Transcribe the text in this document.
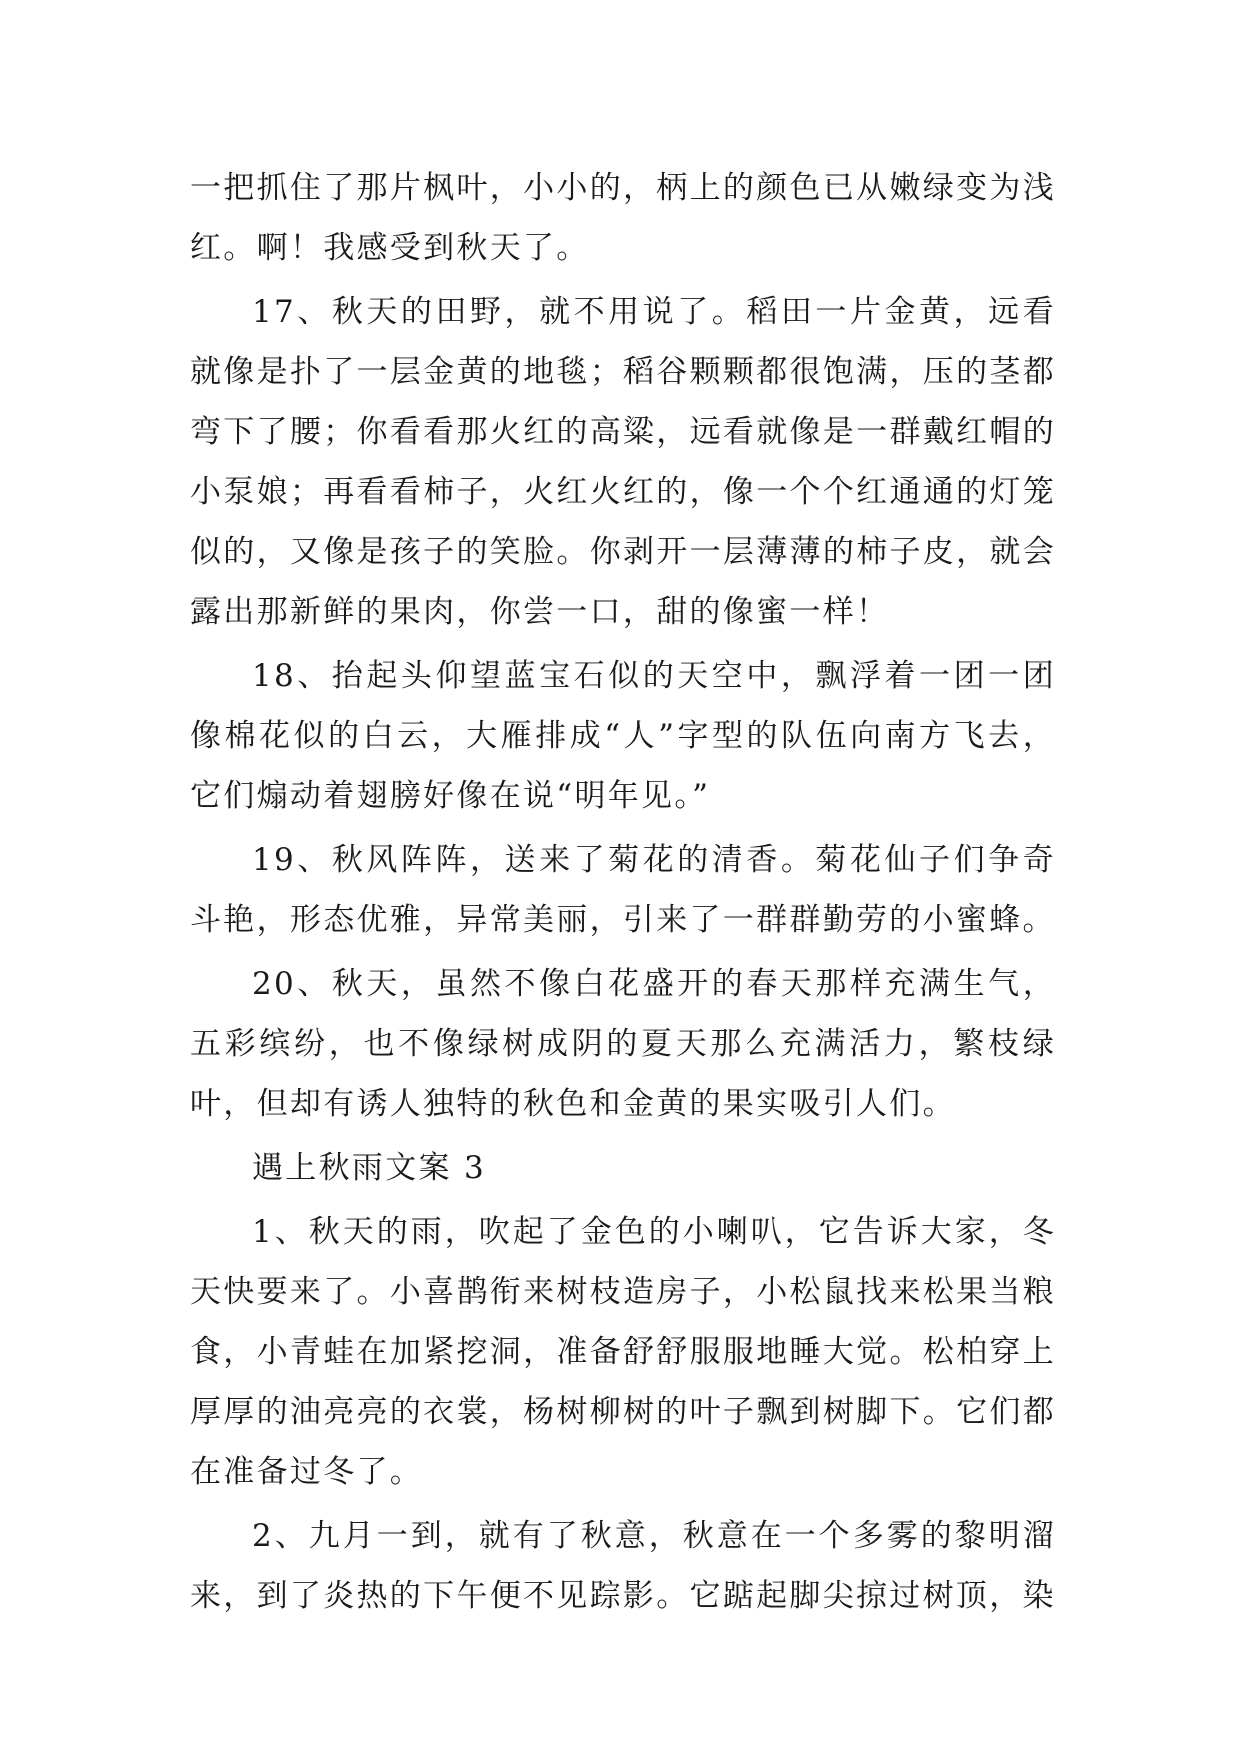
一把抓住了那片枫叶，小小的，柄上的颜色已从嫩绿变为浅红。啊！我感受到秋天了。

17、秋天的田野，就不用说了。稻田一片金黄，远看就像是扑了一层金黄的地毯；稻谷颗颗都很饱满，压的茎都弯下了腰；你看看那火红的高粱，远看就像是一群戴红帽的小泵娘；再看看柿子，火红火红的，像一个个红通通的灯笼似的，又像是孩子的笑脸。你剥开一层薄薄的柿子皮，就会露出那新鲜的果肉，你尝一口，甜的像蜜一样！

18、抬起头仰望蓝宝石似的天空中，飘浮着一团一团像棉花似的白云，大雁排成“人”字型的队伍向南方飞去，它们煽动着翅膀好像在说“明年见。”

19、秋风阵阵，送来了菊花的清香。菊花仙子们争奇斗艳，形态优雅，异常美丽，引来了一群群勤劳的小蜜蜂。

20、秋天，虽然不像白花盛开的春天那样充满生气，五彩缤纷，也不像绿树成阴的夏天那么充满活力，繁枝绿叶，但却有诱人独特的秋色和金黄的果实吸引人们。

遇上秋雨文案 3

1、秋天的雨，吹起了金色的小喇叭，它告诉大家，冬天快要来了。小喜鹊衔来树枝造房子，小松鼠找来松果当粮食，小青蛙在加紧挖洞，准备舒舒服服地睡大觉。松柏穿上厚厚的油亮亮的衣裳，杨树柳树的叶子飘到树脚下。它们都在准备过冬了。

2、九月一到，就有了秋意，秋意在一个多雾的黎明溜来，到了炎热的下午便不见踪影。它踮起脚尖掠过树顶，染
